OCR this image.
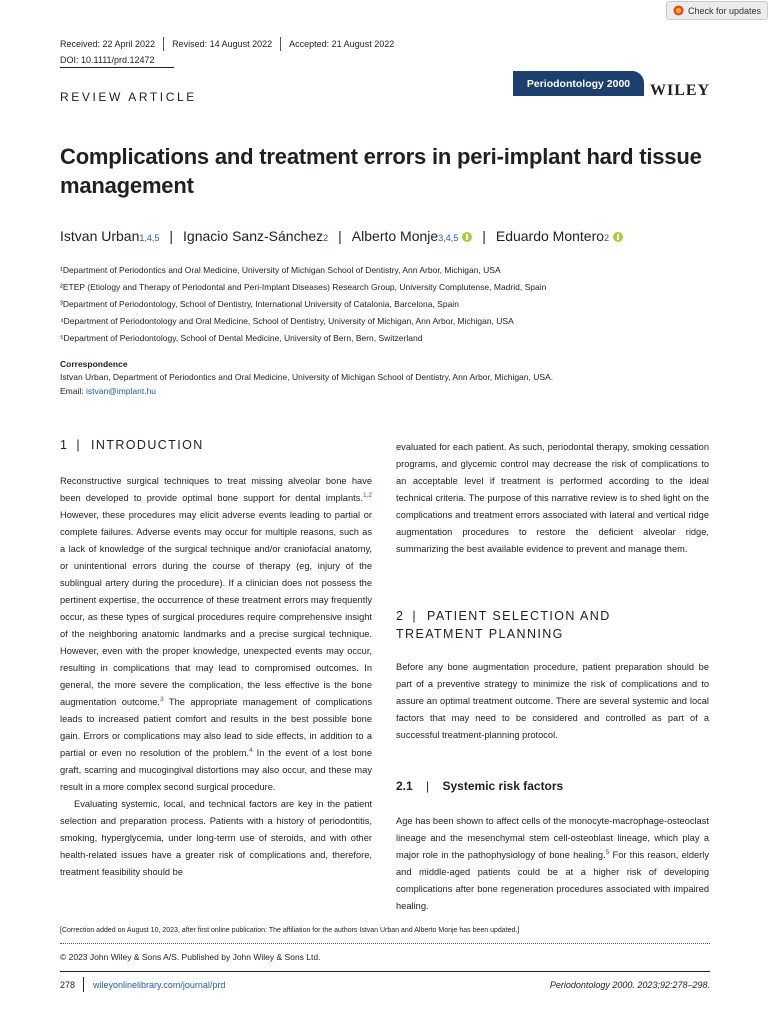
Check for updates
Received: 22 April 2022 Revised: 14 August 2022 Accepted: 21 August 2022
DOI: 10.1111/prd.12472
REVIEW ARTICLE
Periodontology 2000	WILEY
Complications and treatment errors in peri-implant hard tissue management
Istvan Urban 1,4,5 | Ignacio Sanz-Sánchez 2 | Alberto Monje 3,4,5 | Eduardo Montero 2
¹Department of Periodontics and Oral Medicine, University of Michigan School of Dentistry, Ann Arbor, Michigan, USA
²ETEP (Etiology and Therapy of Periodontal and Peri-Implant Diseases) Research Group, University Complutense, Madrid, Spain
³Department of Periodontology, School of Dentistry, International University of Catalonia, Barcelona, Spain
⁴Department of Periodontology and Oral Medicine, School of Dentistry, University of Michigan, Ann Arbor, Michigan, USA
⁵Department of Periodontology, School of Dental Medicine, University of Bern, Bern, Switzerland
Correspondence
Istvan Urban, Department of Periodontics and Oral Medicine, University of Michigan School of Dentistry, Ann Arbor, Michigan, USA.
Email: istvan@implant.hu
1 | INTRODUCTION

Reconstructive surgical techniques to treat missing alveolar bone have been developed to provide optimal bone support for dental implants.$^{1,2}$ However, these procedures may elicit adverse events leading to partial or complete failures. Adverse events may occur for multiple reasons, such as a lack of knowledge of the surgical technique and/or craniofacial anatomy, or unintentional errors during the course of therapy (eg, injury of the sublingual artery during the procedure). If a clinician does not possess the pertinent expertise, the occurrence of these treatment errors may frequently occur, as these types of surgical procedures require comprehensive insight of the neighboring anatomic landmarks and a precise surgical technique. However, even with the proper knowledge, unexpected events may occur, resulting in complications that may lead to compromised outcomes. In general, the more severe the complication, the less effective is the bone augmentation outcome.$^3$ The appropriate management of complications leads to increased patient comfort and results in the best possible bone gain. Errors or complications may also lead to side effects, in addition to a partial or even no resolution of the problem.$^4$ In the event of a lost bone graft, scarring and mucogingival distortions may also occur, and these may result in a more complex second surgical procedure.

Evaluating systemic, local, and technical factors are key in the patient selection and preparation process. Patients with a history of periodontitis, smoking, hyperglycemia, under long-term use of steroids, and with other health-related issues have a greater risk of complications and, therefore, treatment feasibility should be

evaluated for each patient. As such, periodontal therapy, smoking cessation programs, and glycemic control may decrease the risk of complications to an acceptable level if treatment is performed according to the ideal technical criteria. The purpose of this narrative review is to shed light on the complications and treatment errors associated with lateral and vertical ridge augmentation procedures to restore the deficient alveolar ridge, summarizing the best available evidence to prevent and manage them.

2 | PATIENT SELECTION AND
TREATMENT PLANNING

Before any bone augmentation procedure, patient preparation should be part of a preventive strategy to minimize the risk of complications and to assure an optimal treatment outcome. There are several systemic and local factors that may need to be considered and controlled as part of a successful treatment-planning protocol.

2.1 | Systemic risk factors

Age has been shown to affect cells of the monocyte-macrophage-osteoclast lineage and the mesenchymal stem cell-osteoblast lineage, which play a major role in the pathophysiology of bone healing.$^5$ For this reason, elderly and middle-aged patients could be at a higher risk of developing complications after bone regeneration procedures associated with impaired healing.

[Correction added on August 10, 2023, after first online publication: The affiliation for the authors Istvan Urban and Alberto Monje has been updated.]
© 2023 John Wiley & Sons A/S. Published by John Wiley & Sons Ltd.
278 wileyonlinelibrary.com/journal/prd	Periodontology 2000. 2023;92:278–298.
